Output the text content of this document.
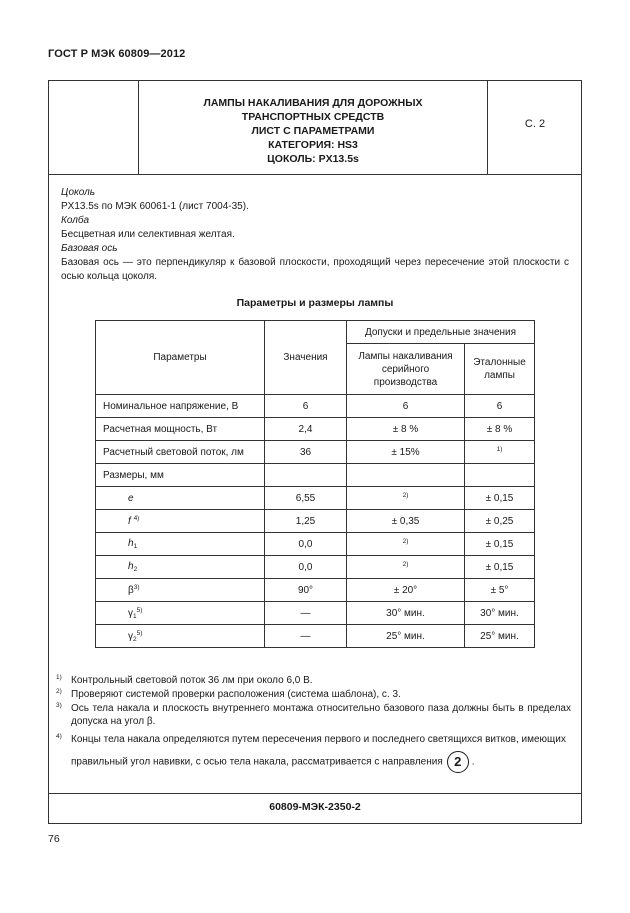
ГОСТ Р МЭК 60809—2012
ЛАМПЫ НАКАЛИВАНИЯ ДЛЯ ДОРОЖНЫХ
ТРАНСПОРТНЫХ СРЕДСТВ
ЛИСТ С ПАРАМЕТРАМИ
КАТЕГОРИЯ: HS3
ЦОКОЛЬ: PX13.5s
С. 2
Цоколь
PX13.5s по МЭК 60061-1 (лист 7004-35).
Колба
Бесцветная или селективная желтая.
Базовая ось
Базовая ось — это перпендикуляр к базовой плоскости, проходящий через пересечение этой плоскости с осью кольца цоколя.
Параметры и размеры лампы
Параметры	Значения	Допуски и предельные значения	
		Лампы накаливания серийного производства	Эталонные лампы
Номинальное напряжение, В	6	6	6
Расчетная мощность, Вт	2,4	± 8 %	± 8 %
Расчетный световой поток, лм	36	± 15%	$^{1)}$
Размеры, мм			
e	6,55	$^{2)}$	± 0,15
f $^{4)}$	1,25	± 0,35	± 0,25
$h_1$	0,0	$^{2)}$	± 0,15
$h_2$	0,0	$^{2)}$	± 0,15
$\beta^{3)}$	90°	± 20°	± 5°
$\gamma_1^{5)}$	—	30° мин.	30° мин.
$\gamma_2^{5)}$	—	25° мин.	25° мин.
1) Контрольный световой поток 36 лм при около 6,0 В.
2) Проверяют системой проверки расположения (система шаблона), с. 3.
3) Ось тела накала и плоскость внутреннего монтажа относительно базового паза должны быть в пределах допуска на угол β.
4) Концы тела накала определяются путем пересечения первого и последнего светящихся витков, имеющих правильный угол навивки, с осью тела накала, рассматривается с направления 2 .
60809-МЭК-2350-2
76
